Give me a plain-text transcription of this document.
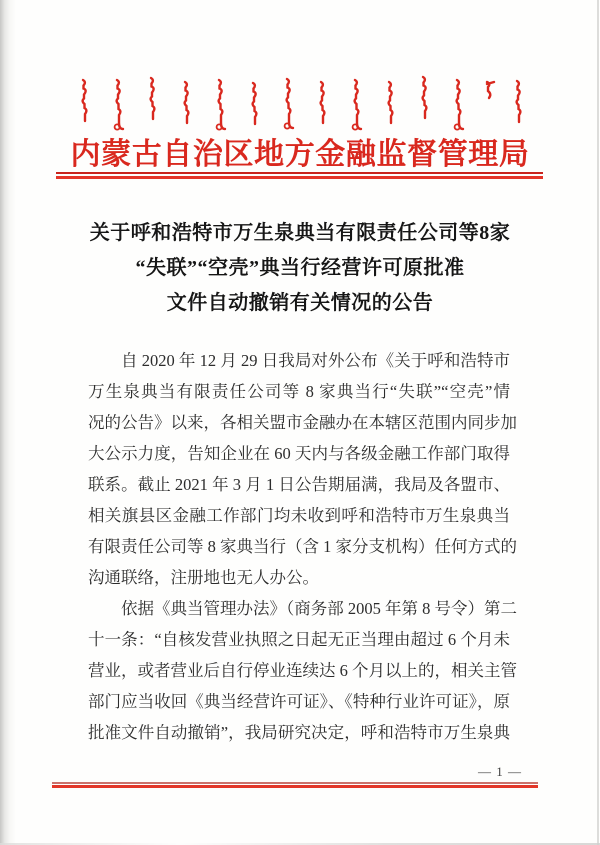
内蒙古自治区地方金融监督管理局
关于呼和浩特市万生泉典当有限责任公司等8家
“失联”“空壳”典当行经营许可原批准
文件自动撤销有关情况的公告
自 2020 年 12 月 29 日我局对外公布《关于呼和浩特市
万生泉典当有限责任公司等 8 家典当行“失联”“空壳”情
况的公告》以来，各相关盟市金融办在本辖区范围内同步加
大公示力度，告知企业在 60 天内与各级金融工作部门取得
联系。截止 2021 年 3 月 1 日公告期届满，我局及各盟市、
相关旗县区金融工作部门均未收到呼和浩特市万生泉典当
有限责任公司等 8 家典当行（含 1 家分支机构）任何方式的
沟通联络，注册地也无人办公。
依据《典当管理办法》（商务部 2005 年第 8 号令）第二
十一条：“自核发营业执照之日起无正当理由超过 6 个月未
营业，或者营业后自行停业连续达 6 个月以上的，相关主管
部门应当收回《典当经营许可证》、《特种行业许可证》，原
批准文件自动撤销”，我局研究决定，呼和浩特市万生泉典
— 1 —
